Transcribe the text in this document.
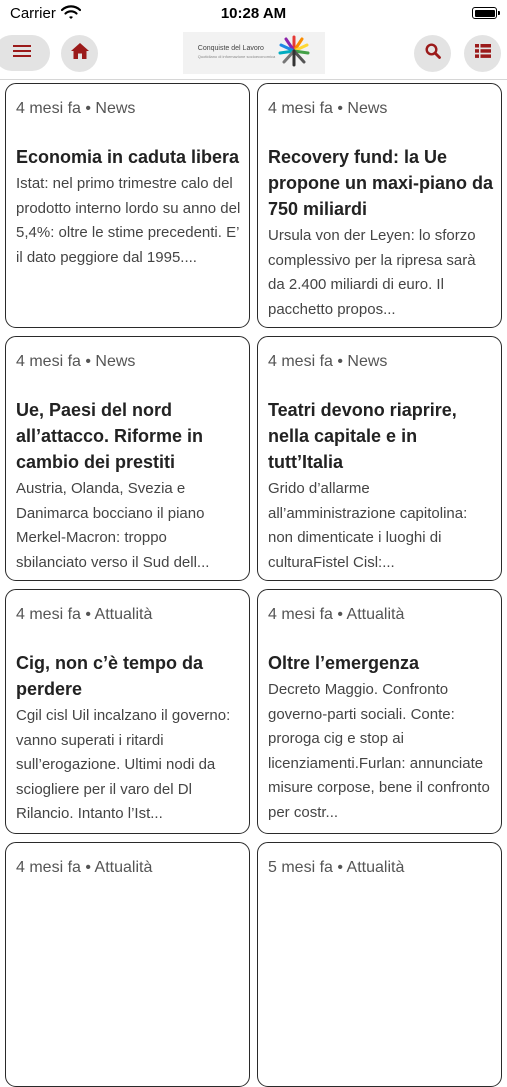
Carrier	10:28 AM
Conquiste del Lavoro
Quotidiano di informazione socioeconomica
4 mesi fa • News
Economia in caduta libera
Istat: nel primo trimestre calo del prodotto interno lordo su anno del 5,4%: oltre le stime precedenti. E’ il dato peggiore dal 1995....
4 mesi fa • News
Recovery fund: la Ue propone un maxi-piano da 750 miliardi
Ursula von der Leyen: lo sforzo complessivo per la ripresa sarà da 2.400 miliardi di euro. Il pacchetto propos...
4 mesi fa • News
Ue, Paesi del nord all’attacco. Riforme in cambio dei prestiti
Austria, Olanda, Svezia e Danimarca bocciano il piano Merkel-Macron: troppo sbilanciato verso il Sud dell...
4 mesi fa • News
Teatri devono riaprire, nella capitale e in tutt’Italia
Grido d’allarme all’amministrazione capitolina: non dimenticate i luoghi di culturaFistel Cisl:...
4 mesi fa • Attualità
Cig, non c’è tempo da perdere
Cgil cisl Uil incalzano il governo: vanno superati i ritardi sull’erogazione. Ultimi nodi da sciogliere per il varo del Dl Rilancio. Intanto l’Ist...
4 mesi fa • Attualità
Oltre l’emergenza
Decreto Maggio. Confronto governo-parti sociali. Conte: proroga cig e stop ai licenziamenti.Furlan: annunciate misure corpose, bene il confronto per costr...
4 mesi fa • Attualità	5 mesi fa • Attualità
